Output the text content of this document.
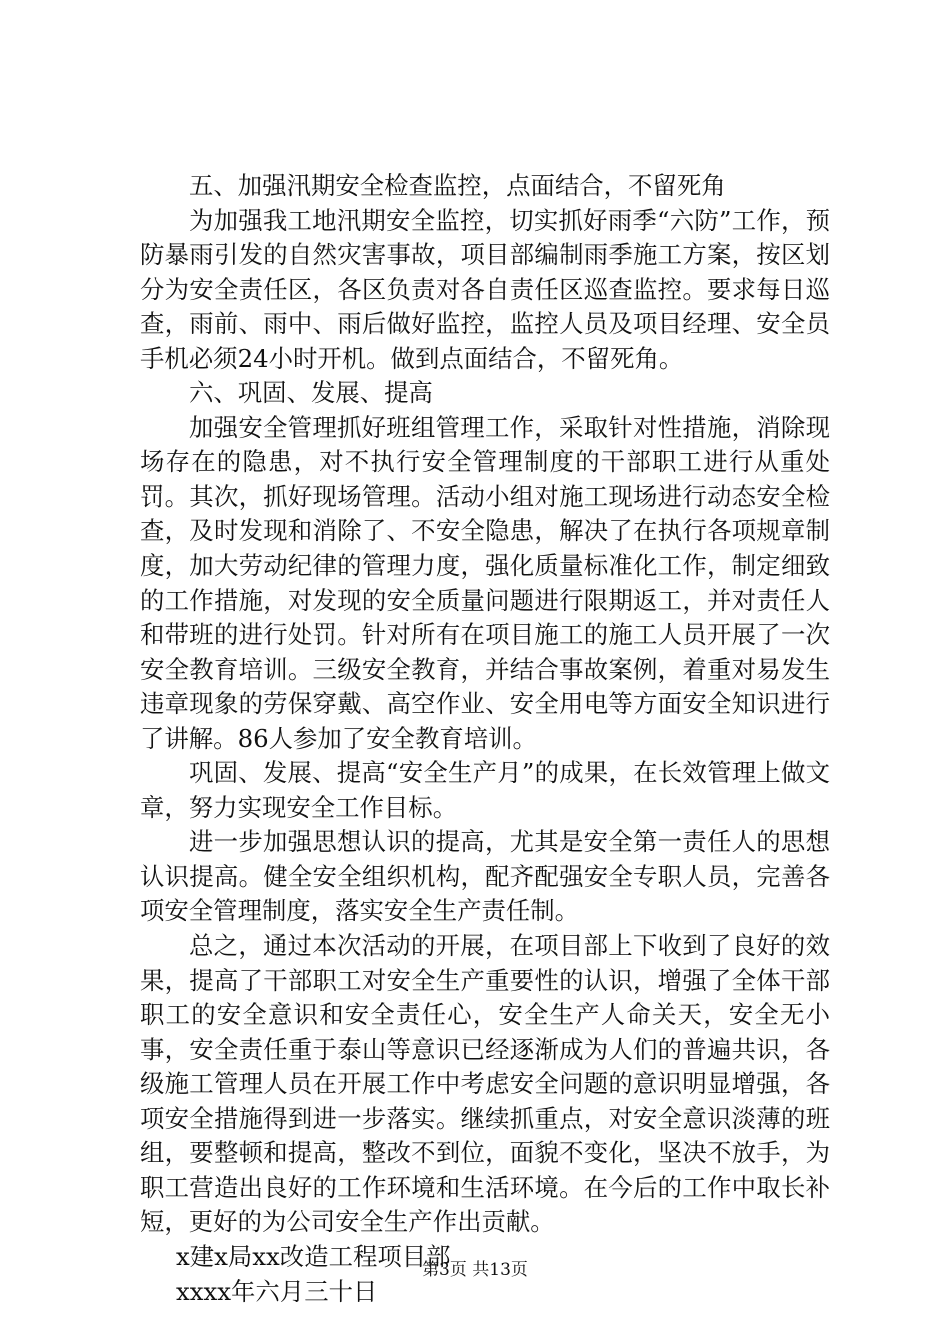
五、加强汛期安全检查监控，点面结合，不留死角

为加强我工地汛期安全监控，切实抓好雨季“六防”工作，预防暴雨引发的自然灾害事故，项目部编制雨季施工方案，按区划分为安全责任区，各区负责对各自责任区巡查监控。要求每日巡查，雨前、雨中、雨后做好监控，监控人员及项目经理、安全员手机必须24小时开机。做到点面结合，不留死角。

六、巩固、发展、提高

加强安全管理抓好班组管理工作，采取针对性措施，消除现场存在的隐患，对不执行安全管理制度的干部职工进行从重处罚。其次，抓好现场管理。活动小组对施工现场进行动态安全检查，及时发现和消除了、不安全隐患，解决了在执行各项规章制度，加大劳动纪律的管理力度，强化质量标准化工作，制定细致的工作措施，对发现的安全质量问题进行限期返工，并对责任人和带班的进行处罚。针对所有在项目施工的施工人员开展了一次安全教育培训。三级安全教育，并结合事故案例，着重对易发生违章现象的劳保穿戴、高空作业、安全用电等方面安全知识进行了讲解。86人参加了安全教育培训。

巩固、发展、提高“安全生产月”的成果，在长效管理上做文章，努力实现安全工作目标。

进一步加强思想认识的提高，尤其是安全第一责任人的思想认识提高。健全安全组织机构，配齐配强安全专职人员，完善各项安全管理制度，落实安全生产责任制。

总之，通过本次活动的开展，在项目部上下收到了良好的效果，提高了干部职工对安全生产重要性的认识，增强了全体干部职工的安全意识和安全责任心，安全生产人命关天，安全无小事，安全责任重于泰山等意识已经逐渐成为人们的普遍共识，各级施工管理人员在开展工作中考虑安全问题的意识明显增强，各项安全措施得到进一步落实。继续抓重点，对安全意识淡薄的班组，要整顿和提高，整改不到位，面貌不变化，坚决不放手，为职工营造出良好的工作环境和生活环境。在今后的工作中取长补短，更好的为公司安全生产作出贡献。

x建x局xx改造工程项目部

xxxx年六月三十日

第3页 共13页
